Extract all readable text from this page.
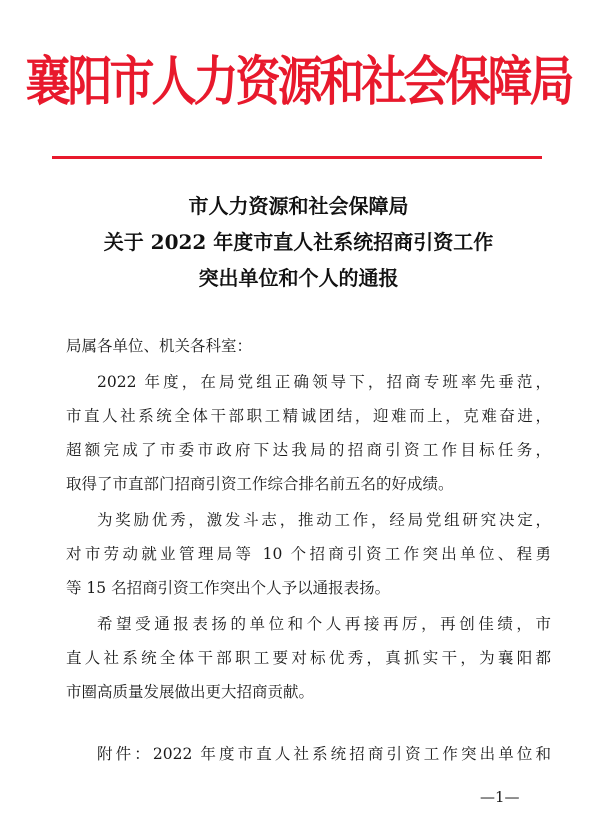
襄阳市人力资源和社会保障局
市人力资源和社会保障局
关于 2022 年度市直人社系统招商引资工作
突出单位和个人的通报
局属各单位、机关各科室：
2022 年度，在局党组正确领导下，招商专班率先垂范，
市直人社系统全体干部职工精诚团结，迎难而上，克难奋进，
超额完成了市委市政府下达我局的招商引资工作目标任务，
取得了市直部门招商引资工作综合排名前五名的好成绩。
为奖励优秀，激发斗志，推动工作，经局党组研究决定，
对市劳动就业管理局等 10 个招商引资工作突出单位、程勇
等 15 名招商引资工作突出个人予以通报表扬。
希望受通报表扬的单位和个人再接再厉，再创佳绩，市
直人社系统全体干部职工要对标优秀，真抓实干，为襄阳都
市圈高质量发展做出更大招商贡献。
附件：2022 年度市直人社系统招商引资工作突出单位和
—1—
